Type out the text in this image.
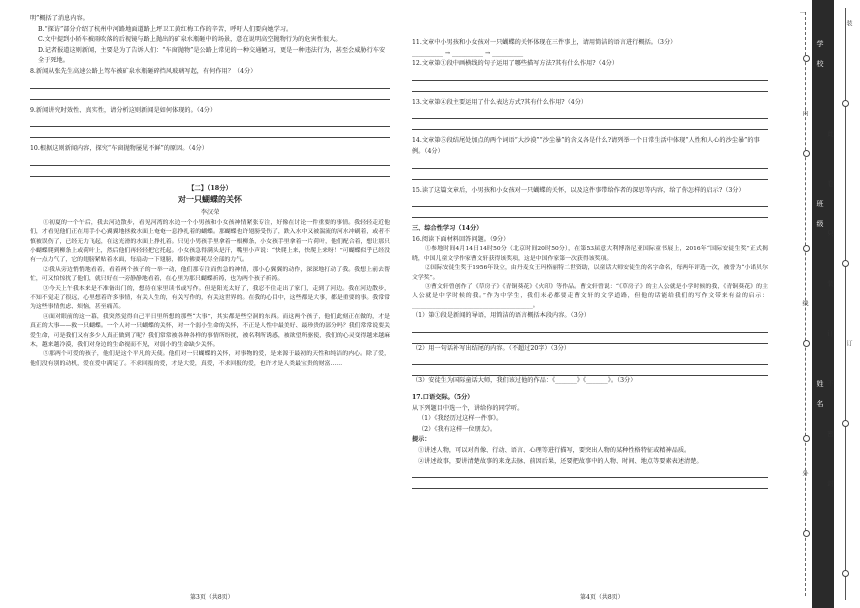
明”概括了消息内容。

B.“探访”部分介绍了杭州中河路地面道路上坪卫工黄红梅工作的辛苦，呼吁人们要向她学习。

C.文中提到小轿车被雨吹落的后视镜与路上抛出的矿泉水瓶砸中的场景，意在说明高空抛物行为的危害性很大。

D.记者报道这则新闻，主要是为了告诉人们：“车窗抛物”是公路上常见的一种交通陋习，更是一种违法行为，甚至会威胁行车安全于死地。

8.新闻从张先生高速公路上驾车被矿泉水瓶砸碎挡风玻璃写起，有何作用？（4分）

9.新闻讲究时效性、真实性，请分析这则新闻是如何体现的。（4分）

10.根据这则新闻内容，探究“车窗抛物屡见不鲜”的原因。（4分）

【二】（18分）
对一只蝴蝶的关怀
李汉荣

①初夏的一个午后，我去河边散步，看见河湾的水边一个小男孩和小女孩神情紧张专注，好像在讨论一件重要的事情。我轻轻走近他们，才看见他们正在用手小心翼翼地拯救水面上奄奄一息挣扎着的蝴蝶。那蝴蝶也许翅膀受伤了，跌入水中又被湍流的河水冲刷着，或者不慎被误伤了，已经无力飞起，在这光滑的水面上挣扎着。只见小男孩手里拿着一根柳条，小女孩手里拿着一片荷叶，他们配合着，想让那只小蝴蝶爬到柳条上或荷叶上，然后他们再轻轻把它托起。小女孩急得满头是汗，嘴里小声说：“快爬上来，快爬上来呀！”可蝴蝶似乎已经没有一点力气了，它的翅膀紧贴着水面，每扇动一下翅膀，都仿佛要耗尽全部的力气。

②我从旁边悄悄地看着，看着两个孩子的一举一动，他们那专注而焦急的神情，那小心翼翼的动作，深深地打动了我。我想上前去帮忙，可又怕惊扰了他们，就只好在一旁静静地看着，在心里为那只蝴蝶祈祷，也为两个孩子祈祷。

③今天上午我本来是不准备出门的，想待在家里读书或写作。但是阳光太好了，我忍不住走出了家门，走到了河边。我在河边散步，不知不觉走了很远，心里想着许多事情，有关人生的，有关写作的，有关这世界的。在我的心目中，这些都是大事，都是重要的事。我常常为这些事情焦虑、烦恼，甚至痛苦。

④面对眼前的这一幕，我突然觉得自己平日里所想的那些“大事”，其实都是些空洞的东西。而这两个孩子，他们此刻正在做的，才是真正的大事——救一只蝴蝶。一个人对一只蝴蝶的关怀，对一个弱小生命的关怀，不正是人性中最美好、最珍贵的部分吗？我们常常说要关爱生命，可是我们又有多少人真正做到了呢？我们常常被各种各样的事情所纷扰，被名利所诱惑，被欲望所驱使，我们的心灵变得越来越麻木，越来越冷漠，我们对身边的生命视而不见，对弱小的生命缺少关怀。

⑤那两个可爱的孩子，他们是这个平凡的天使。他们对一只蝴蝶的关怀，对事物的爱，是来源于最初的天性和纯洁的内心。除了爱，他们没有别的动机，爱在爱中满足了。不求回报的爱，才是大爱，真爱，不求回报的爱，也许才是人类最宝贵的财富……

第3页（共8页）

11.文章中小男孩和小女孩对一只蝴蝶的关怀体现在三件事上，请用简洁的语言进行概括。（3分）

__________ → __________ → __________

12.文章第①段中画横线的句子运用了哪些描写方法?其有什么作用?（4分）

13.文章第④段主要运用了什么表达方式?其有什么作用?（4分）

14.文章第⑤段结尾处加点的两个词语“大沙漠”“沙尘暴”的含义各是什么?请列举一个日常生活中体现“人性和人心的沙尘暴”的事例。（4分）

15.读了这篇文章后，小男孩和小女孩对一只蝴蝶的关怀，以及这件事带给作者的深思等内容，给了你怎样的启示?（3分）

三、综合性学习（14分）

16.阅读下面材料回答问题。（9分）

①参地时间4月14日14时50分（北京时间20时50分），在第53届意大利博洛尼亚国际童书展上，2016年“国际安徒生奖”正式揭晓，中国儿童文学作家曹文轩获得该奖项，这是中国作家第一次获得该奖项。

②国际安徒生奖于1956年设立，由丹麦女王玛格丽特二世资助，以童话大师安徒生的名字命名，每两年评选一次，被誉为“小诺贝尔文学奖”。

③曹文轩曾创作了《草房子》《青铜葵花》《火印》等作品。曹文轩曾说：“《草房子》的主人公就是小学时候的我，《青铜葵花》的主人公就是中学时候的我。”作为中学生，我们未必都要走曹文轩的文学道路，但他的话能给我们的写作文带来有益的启示：_________________________________________。

（1）第①段是新闻的导语，用简洁的语言概括本段内容。（3分）

（2）用一句话补写出结尾的内容。（不超过20字）（3分）

（3）安徒生为国际童话大师，我们该过他的作品：《_______》《_______》。（3分）

17.口语交际。（5分）

从下列题目中选一个，讲给你的同学听。

（1）《我经历过这样一件事》。

（2）《我有这样一位朋友》。

提示：

①讲述人物，可以对肖像、行动、语言、心理等进行描写，要突出人物的某种性格特征或精神品质。

②讲述故事，要讲清楚故事的来龙去脉、前因后果，还要把故事中的人物、时间、地点等要素表述清楚。

第4页（共8页）
此
卷
只
装
订
不
密
封
学
校
班
级
姓
名
…
内
线
装
订
外
